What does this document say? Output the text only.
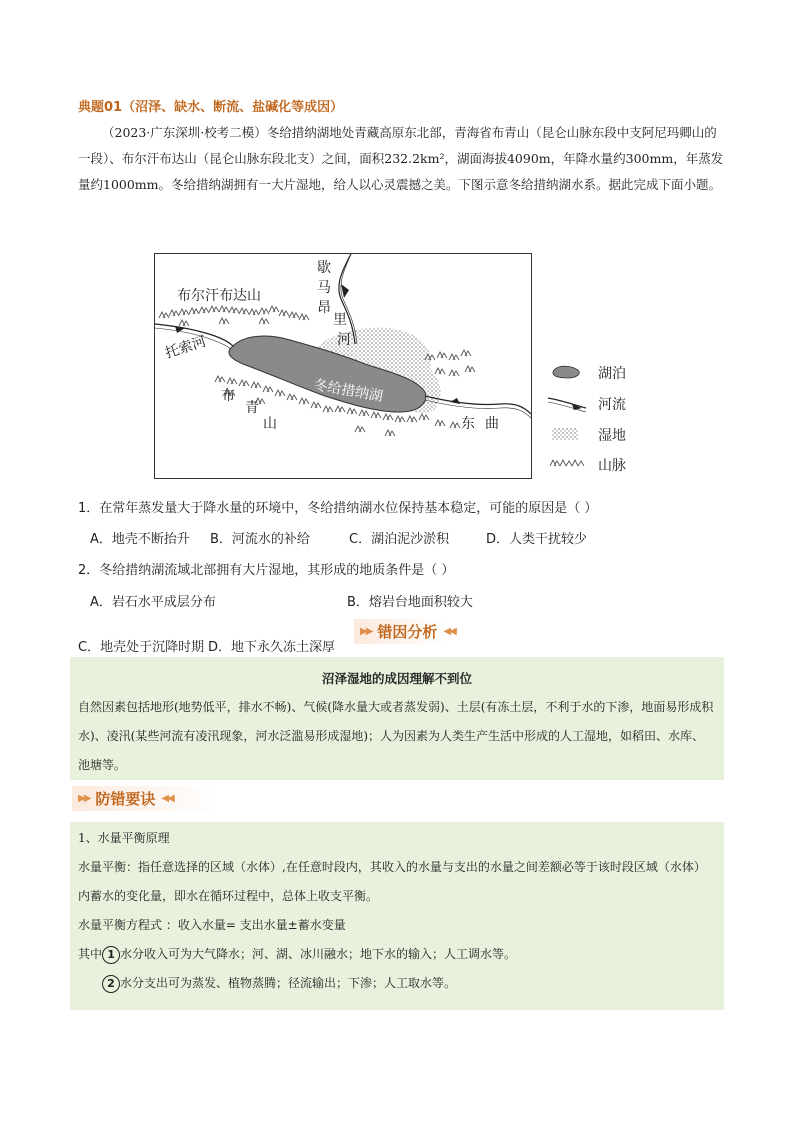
典题01（沼泽、缺水、断流、盐碱化等成因）

（2023·广东深圳·校考二模）冬给措纳湖地处青藏高原东北部，青海省布青山（昆仑山脉东段中支阿尼玛卿山的一段）、布尔汗布达山（昆仑山脉东段北支）之间，面积232.2km²，湖面海拔4090m，年降水量约300mm，年蒸发量约1000mm。冬给措纳湖拥有一大片湿地，给人以心灵震撼之美。下图示意冬给措纳湖水系。据此完成下面小题。

布尔汗布达山
托索河
冬给措纳湖
布
青
山
歇
马
昂
里
河
东 曲
湖泊
河流
湿地
山脉
1．在常年蒸发量大于降水量的环境中，冬给措纳湖水位保持基本稳定，可能的原因是（ ）
A．地壳不断抬升 B．河流水的补给	C．湖泊泥沙淤积	D．人类干扰较少
2．冬给措纳湖流域北部拥有大片湿地，其形成的地质条件是（ ）
A．岩石水平成层分布	B．熔岩台地面积较大
C．地壳处于沉降时期 D．地下永久冻土深厚
▶▶ 错因分析 ◀◀
沼泽湿地的成因理解不到位

自然因素包括地形(地势低平，排水不畅)、气候(降水量大或者蒸发弱)、土层(有冻土层，不利于水的下渗，地面易形成积水)、凌汛(某些河流有凌汛现象，河水泛滥易形成湿地)；人为因素为人类生产生活中形成的人工湿地，如稻田、水库、池塘等。

▶▶ 防错要诀 ◀◀

1、水量平衡原理

水量平衡：指任意选择的区域（水体）,在任意时段内，其收入的水量与支出的水量之间差额必等于该时段区域（水体）内蓄水的变化量，即水在循环过程中，总体上收支平衡。

水量平衡方程式 ：收入水量= 支出水量±蓄水变量

其中 1 水分收入可为大气降水；河、湖、冰川融水；地下水的输入；人工调水等。

2 水分支出可为蒸发、植物蒸腾；径流输出；下渗；人工取水等。
